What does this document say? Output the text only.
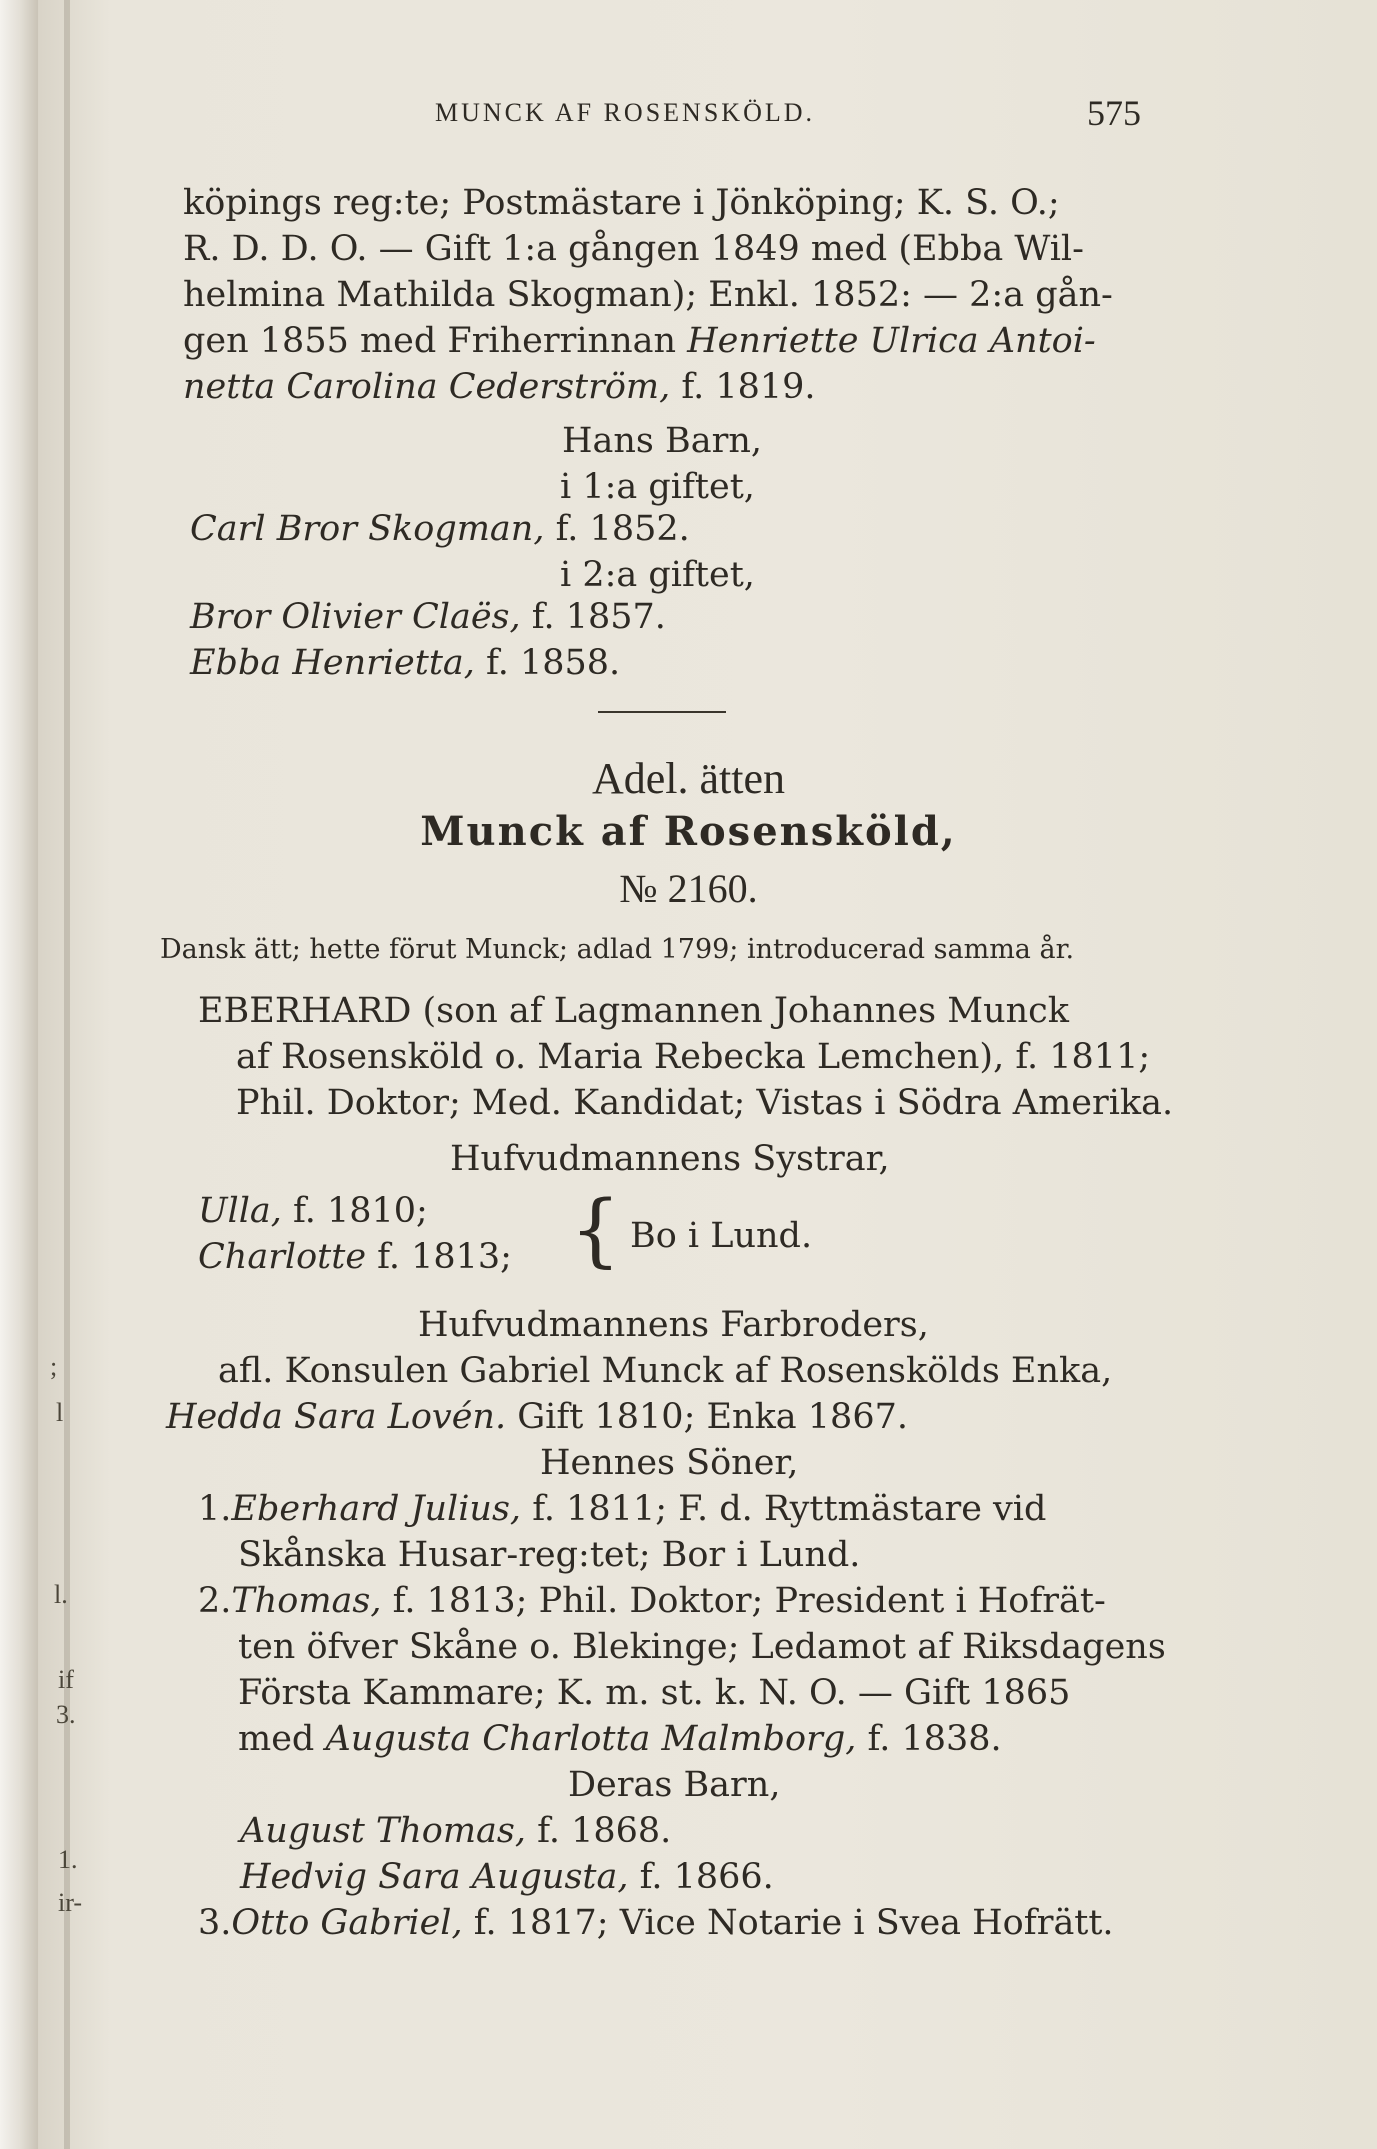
;
l
l.
if
3.
1.
ir-
MUNCK AF ROSENSKÖLD.	575
köpings reg:te; Postmästare i Jönköping; K. S. O.;
R. D. D. O. — Gift 1:a gången 1849 med (Ebba Wil-
helmina Mathilda Skogman); Enkl. 1852: — 2:a gån-
gen 1855 med Friherrinnan Henriette Ulrica Antoi-
netta Carolina Cederström, f. 1819.
Hans Barn,
i 1:a giftet,
Carl Bror Skogman, f. 1852.
i 2:a giftet,
Bror Olivier Claës, f. 1857.
Ebba Henrietta, f. 1858.
Adel. ätten
Munck af Rosensköld,
№ 2160.
Dansk ätt; hette förut Munck; adlad 1799; introducerad samma år.
EBERHARD (son af Lagmannen Johannes Munck
af Rosensköld o. Maria Rebecka Lemchen), f. 1811;
Phil. Doktor; Med. Kandidat; Vistas i Södra Amerika.
Hufvudmannens Systrar,
Ulla, f. 1810;
Charlotte f. 1813; { Bo i Lund.
Hufvudmannens Farbroders,
afl. Konsulen Gabriel Munck af Rosenskölds Enka,
Hedda Sara Lovén. Gift 1810; Enka 1867.
Hennes Söner,
1.Eberhard Julius, f. 1811; F. d. Ryttmästare vid
Skånska Husar-reg:tet; Bor i Lund.
2.Thomas, f. 1813; Phil. Doktor; President i Hofrät-
ten öfver Skåne o. Blekinge; Ledamot af Riksdagens
Första Kammare; K. m. st. k. N. O. — Gift 1865
med Augusta Charlotta Malmborg, f. 1838.
Deras Barn,
August Thomas, f. 1868.
Hedvig Sara Augusta, f. 1866.
3.Otto Gabriel, f. 1817; Vice Notarie i Svea Hofrätt.
